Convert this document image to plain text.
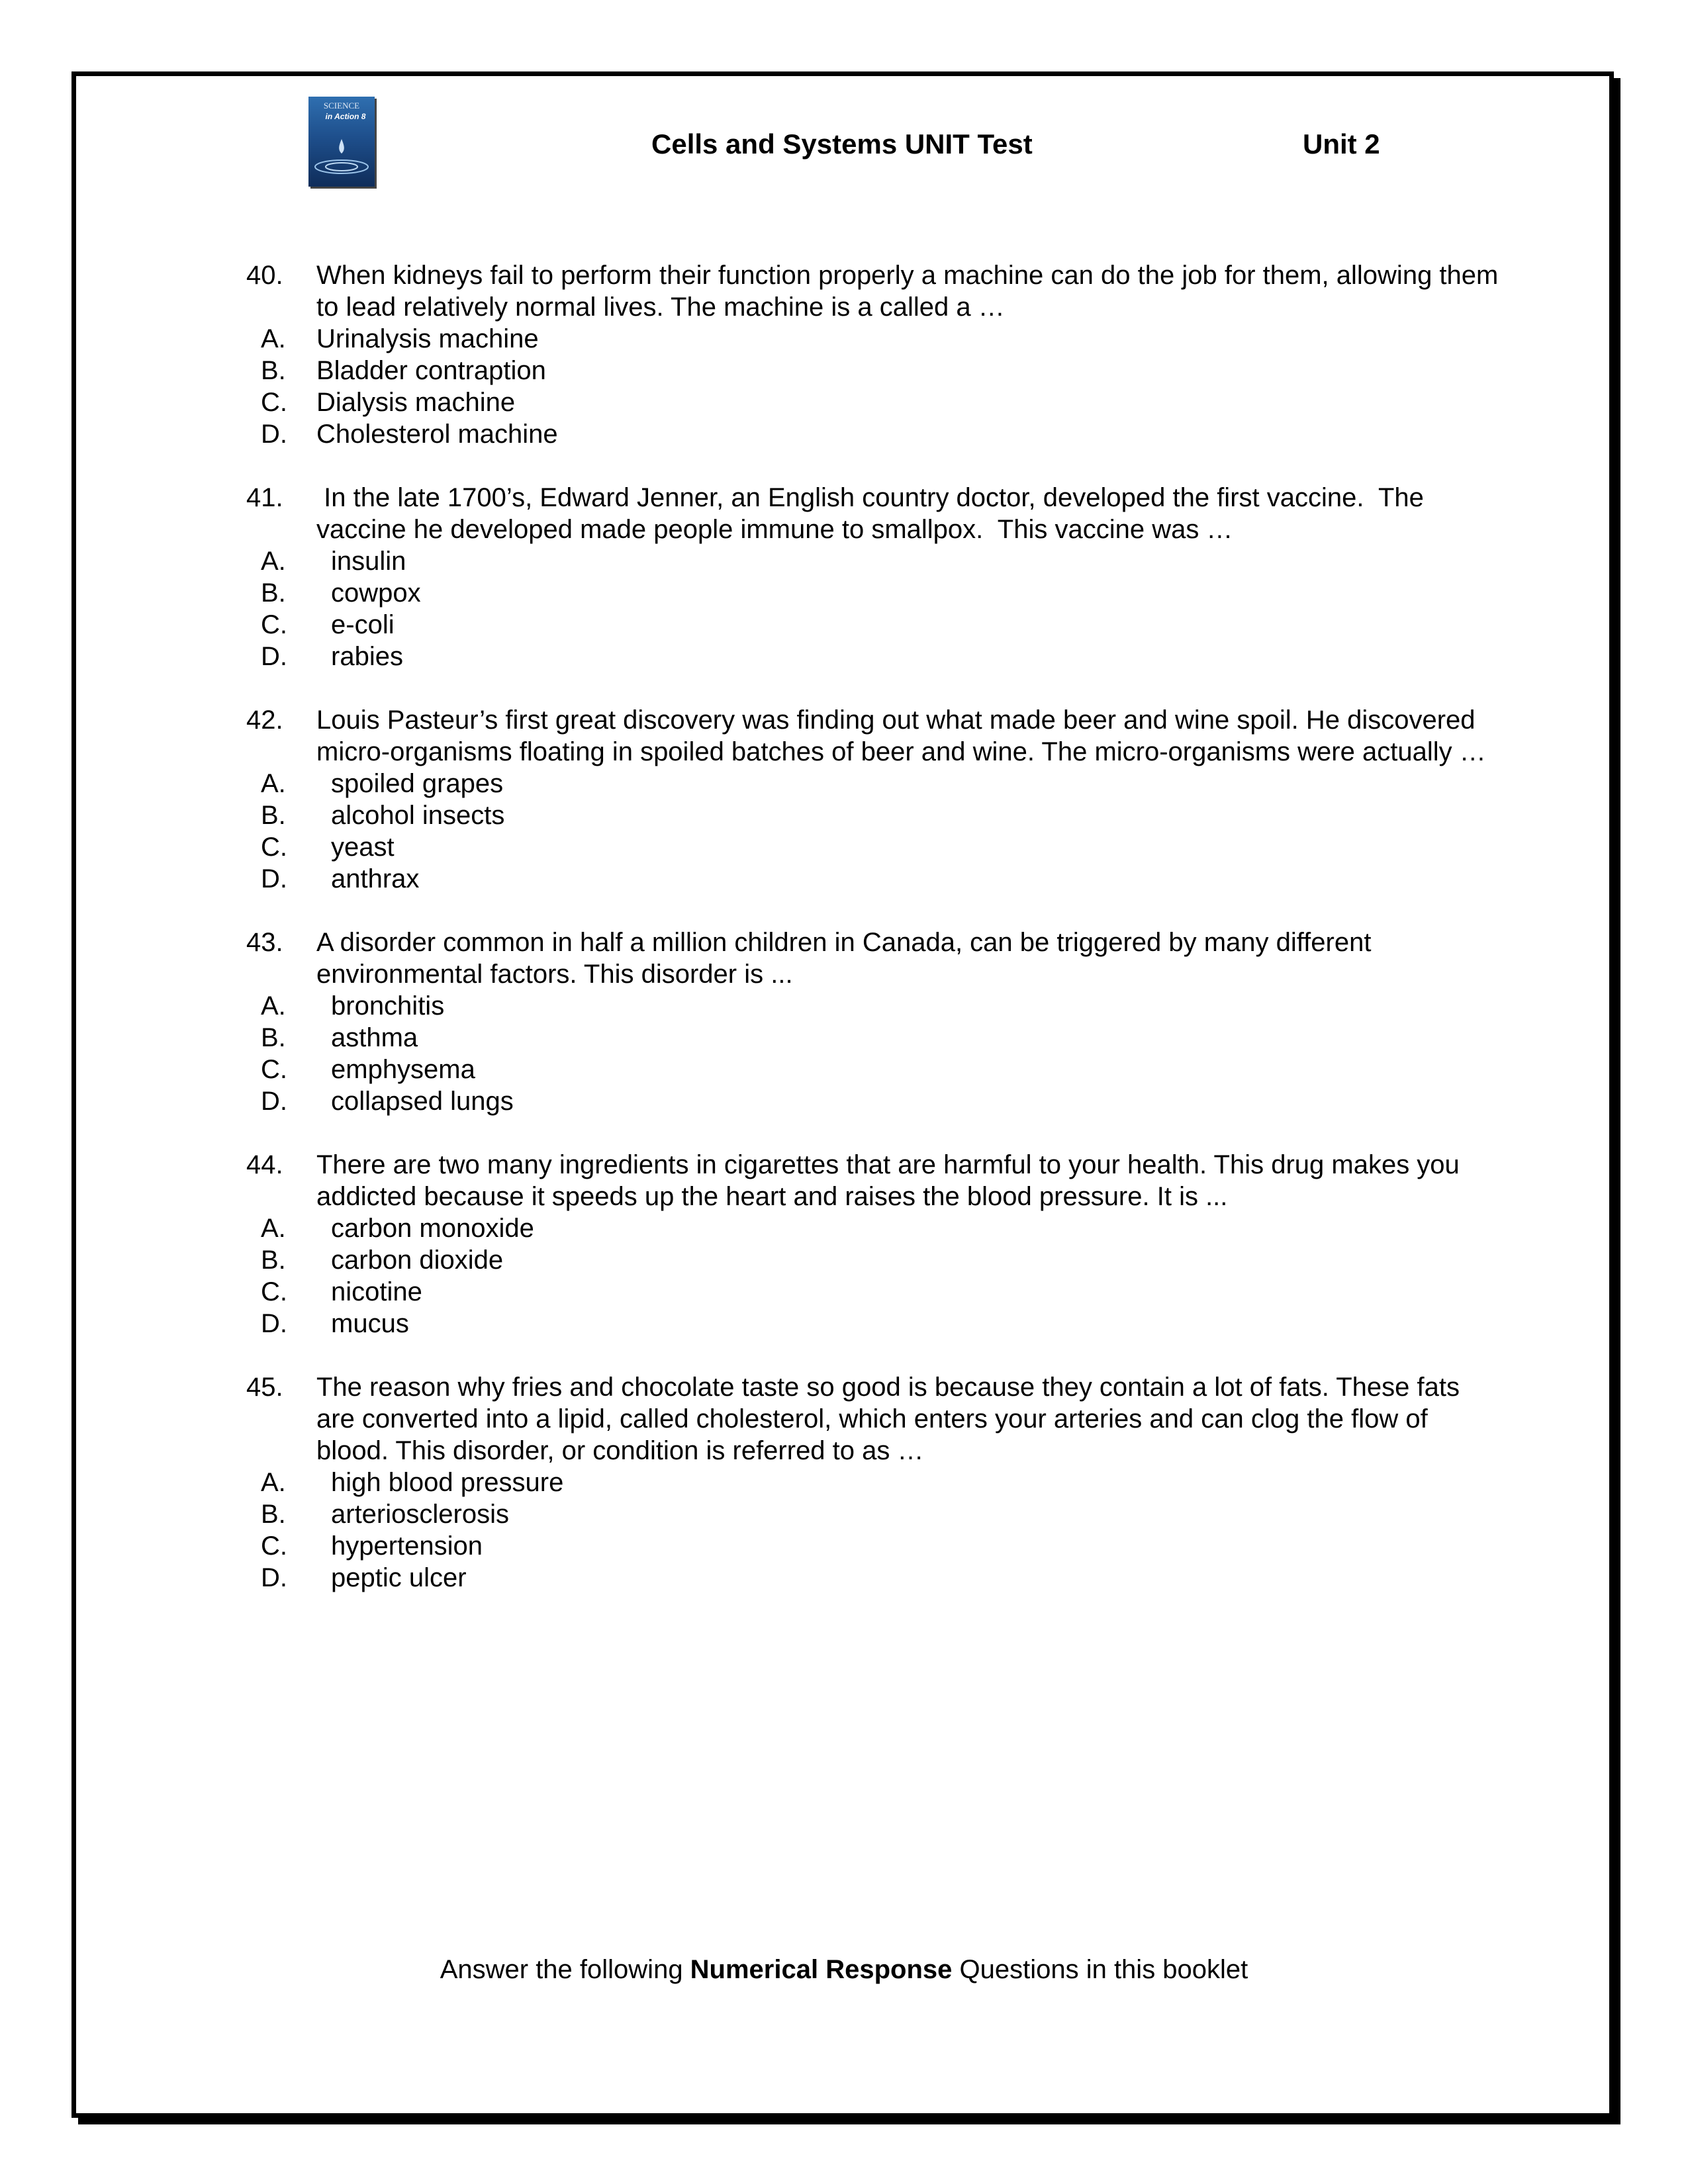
SCIENCE
in Action 8
Cells and Systems UNIT Test	Unit 2
40.	When kidneys fail to perform their function properly a machine can do the job for them, allowing them to lead relatively normal lives. The machine is a called a …
A.	Urinalysis machine
B.	Bladder contraption
C.	Dialysis machine
D.	Cholesterol machine
41.	In the late 1700’s, Edward Jenner, an English country doctor, developed the first vaccine.  The vaccine he developed made people immune to smallpox.  This vaccine was …
A.	insulin
B.	cowpox
C.	e-coli
D.	rabies
42.	Louis Pasteur’s first great discovery was finding out what made beer and wine spoil. He discovered micro-organisms floating in spoiled batches of beer and wine. The micro-organisms were actually …
A.	spoiled grapes
B.	alcohol insects
C.	yeast
D.	anthrax
43.	A disorder common in half a million children in Canada, can be triggered by many different environmental factors. This disorder is ...
A.	bronchitis
B.	asthma
C.	emphysema
D.	collapsed lungs
44.	There are two many ingredients in cigarettes that are harmful to your health. This drug makes you addicted because it speeds up the heart and raises the blood pressure. It is ...
A.	carbon monoxide
B.	carbon dioxide
C.	nicotine
D.	mucus
45.	The reason why fries and chocolate taste so good is because they contain a lot of fats. These fats are converted into a lipid, called cholesterol, which enters your arteries and can clog the flow of blood. This disorder, or condition is referred to as …
A.	high blood pressure
B.	arteriosclerosis
C.	hypertension
D.	peptic ulcer
Answer the following Numerical Response Questions in this booklet
